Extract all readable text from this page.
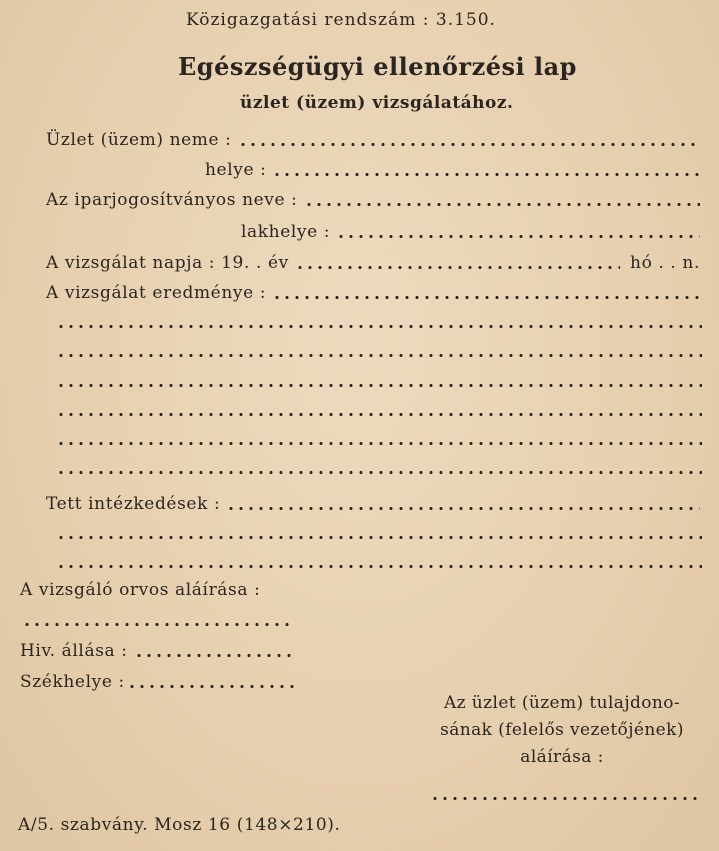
Közigazgatási rendszám : 3.150.
Egészségügyi ellenőrzési lap
üzlet (üzem) vizsgálatához.
Üzlet (üzem) neme :
helye :
Az iparjogosítványos neve :
lakhelye :
A vizsgálat napja : 19. . év	hó . . n.
A vizsgálat eredménye :
Tett intézkedések :
A vizsgáló orvos aláírása :
Hiv. állása :
Székhelye :
Az üzlet (üzem) tulajdono-
sának (felelős vezetőjének)
aláírása :
A/5. szabvány. Mosz 16 (148×210).
